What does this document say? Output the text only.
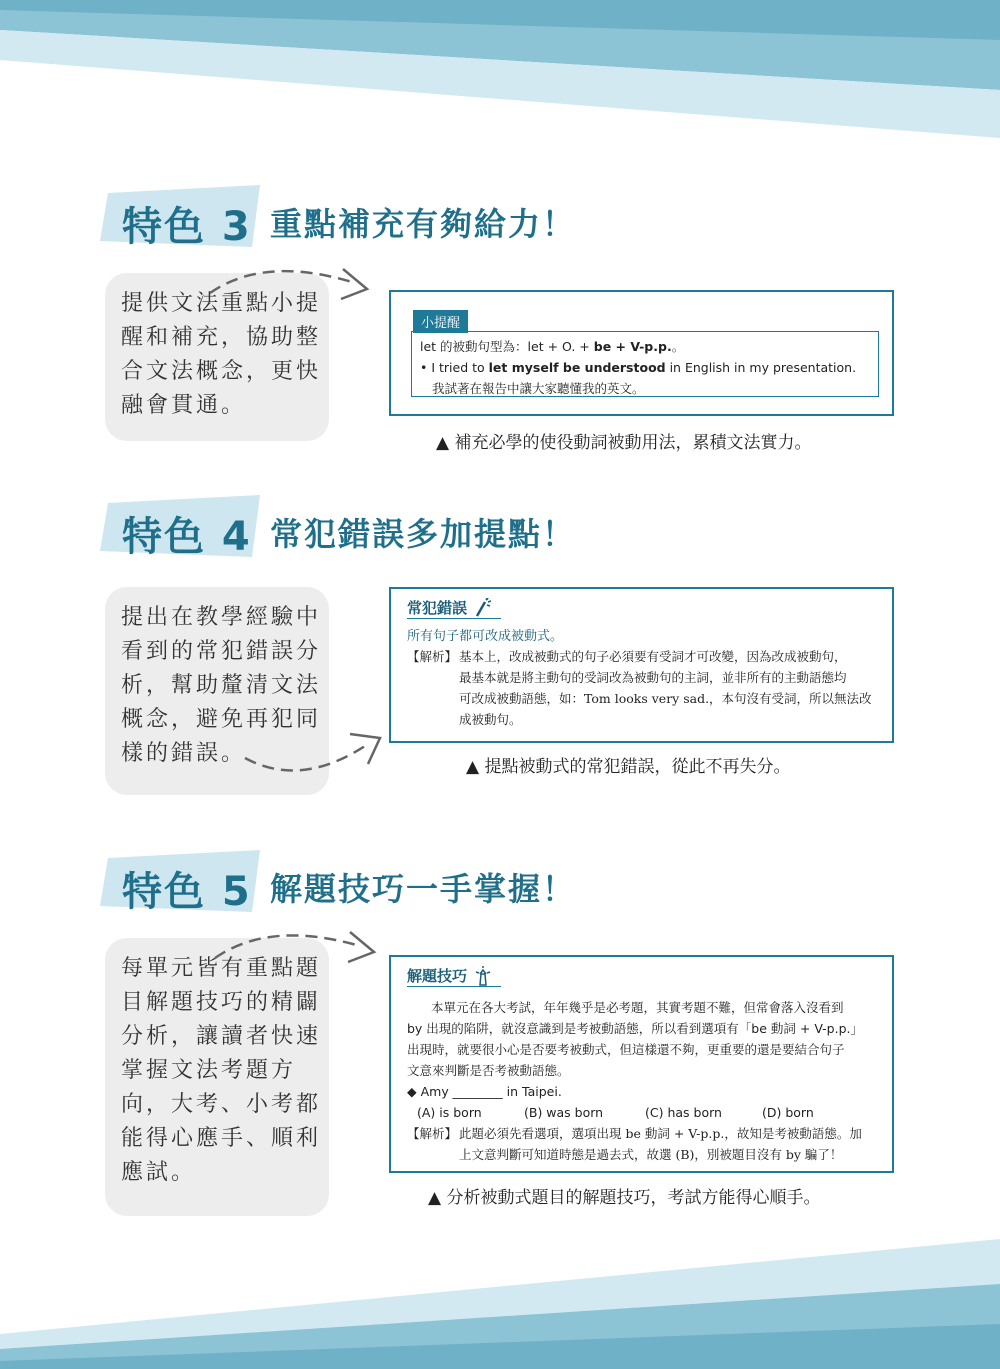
特色 3 重點補充有夠給力！
提供文法重點小提
醒和補充，協助整
合文法概念，更快
融會貫通。
小提醒
let 的被動句型為：let + O. + be + V-p.p.。
• I tried to let myself be understood in English in my presentation.
我試著在報告中讓大家聽懂我的英文。
▲ 補充必學的使役動詞被動用法，累積文法實力。
特色 4 常犯錯誤多加提點！
提出在教學經驗中
看到的常犯錯誤分
析，幫助釐清文法
概念，避免再犯同
樣的錯誤。
常犯錯誤
所有句子都可改成被動式。
【解析】 基本上，改成被動式的句子必須要有受詞才可改變，因為改成被動句，
最基本就是將主動句的受詞改為被動句的主詞，並非所有的主動語態均
可改成被動語態，如：Tom looks very sad.，本句沒有受詞，所以無法改
成被動句。
▲ 提點被動式的常犯錯誤，從此不再失分。
特色 5 解題技巧一手掌握！
每單元皆有重點題
目解題技巧的精闢
分析，讓讀者快速
掌握文法考題方
向，大考、小考都
能得心應手、順利
應試。
解題技巧
本單元在各大考試，年年幾乎是必考題，其實考題不難，但常會落入沒看到
by 出現的陷阱，就沒意識到是考被動語態，所以看到選項有「be 動詞 + V-p.p.」
出現時，就要很小心是否要考被動式，但這樣還不夠，更重要的還是要結合句子
文意來判斷是否考被動語態。
◆ Amy ________ in Taipei.
(A) is born	(B) was born	(C) has born	(D) born
【解析】 此題必須先看選項，選項出現 be 動詞 + V-p.p.，故知是考被動語態。加
上文意判斷可知道時態是過去式，故選 (B)，別被題目沒有 by 騙了！
▲ 分析被動式題目的解題技巧，考試方能得心順手。
